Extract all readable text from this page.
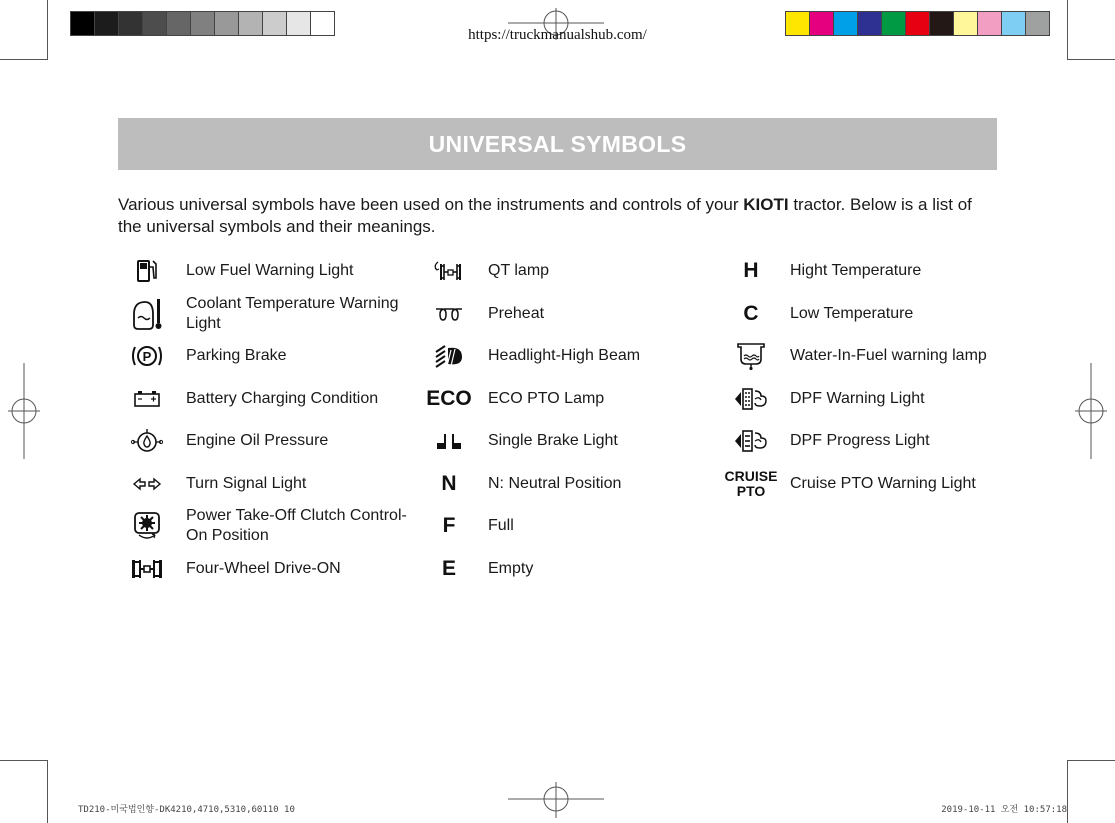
https://truckmanualshub.com/
UNIVERSAL SYMBOLS
Various universal symbols have been used on the instruments and controls of your KIOTI tractor. Below is a list of the universal symbols and their meanings.
Low Fuel Warning Light
Coolant Temperature Warning Light
P Parking Brake
Battery Charging Condition
Engine Oil Pressure
Turn Signal Light
Power Take-Off Clutch Control-On Position
Four-Wheel Drive-ON
QT lamp
Preheat
Headlight-High Beam
ECO ECO PTO Lamp
Single Brake Light
N N: Neutral Position
F Full
E Empty
H Hight Temperature
C Low Temperature
Water-In-Fuel warning lamp
DPF Warning Light
DPF Progress Light
CRUISE
PTO	Cruise PTO Warning Light
TD210-미국법인향-DK4210,4710,5310,60110 10	2019-10-11 오전 10:57:18
